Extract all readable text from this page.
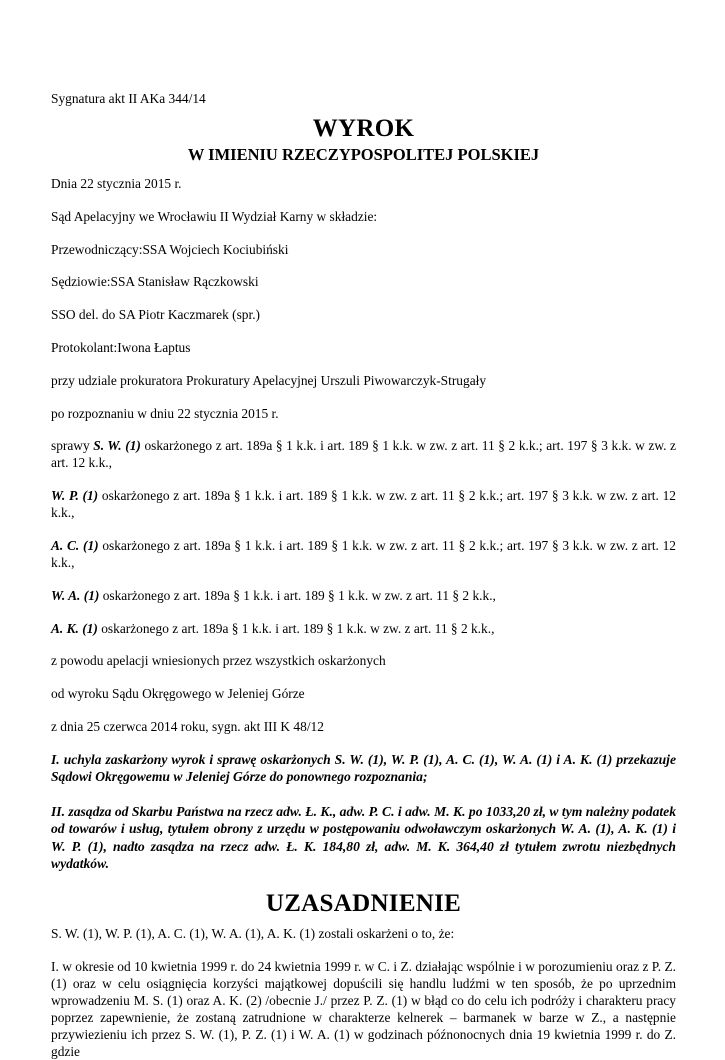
Sygnatura akt II AKa 344/14

WYROK
W IMIENIU RZECZYPOSPOLITEJ POLSKIEJ

Dnia 22 stycznia 2015 r.

Sąd Apelacyjny we Wrocławiu II Wydział Karny w składzie:

Przewodniczący:SSA Wojciech Kociubiński

Sędziowie:SSA Stanisław Rączkowski

SSO del. do SA Piotr Kaczmarek (spr.)

Protokolant:Iwona Łaptus

przy udziale prokuratora Prokuratury Apelacyjnej Urszuli Piwowarczyk-Strugały

po rozpoznaniu w dniu 22 stycznia 2015 r.

sprawy S. W. (1) oskarżonego z art. 189a § 1 k.k. i art. 189 § 1 k.k. w zw. z art. 11 § 2 k.k.; art. 197 § 3 k.k. w zw. z art. 12 k.k.,

W. P. (1) oskarżonego z art. 189a § 1 k.k. i art. 189 § 1 k.k. w zw. z art. 11 § 2 k.k.; art. 197 § 3 k.k. w zw. z art. 12 k.k.,

A. C. (1) oskarżonego z art. 189a § 1 k.k. i art. 189 § 1 k.k. w zw. z art. 11 § 2 k.k.; art. 197 § 3 k.k. w zw. z art. 12 k.k.,

W. A. (1) oskarżonego z art. 189a § 1 k.k. i art. 189 § 1 k.k. w zw. z art. 11 § 2 k.k.,

A. K. (1) oskarżonego z art. 189a § 1 k.k. i art. 189 § 1 k.k. w zw. z art. 11 § 2 k.k.,

z powodu apelacji wniesionych przez wszystkich oskarżonych

od wyroku Sądu Okręgowego w Jeleniej Górze

z dnia 25 czerwca 2014 roku, sygn. akt III K 48/12

I. uchyla zaskarżony wyrok i sprawę oskarżonych S. W. (1), W. P. (1), A. C. (1), W. A. (1) i A. K. (1) przekazuje Sądowi Okręgowemu w Jeleniej Górze do ponownego rozpoznania;

II. zasądza od Skarbu Państwa na rzecz adw. Ł. K., adw. P. C. i adw. M. K. po 1033,20 zł, w tym należny podatek od towarów i usług, tytułem obrony z urzędu w postępowaniu odwoławczym oskarżonych W. A. (1), A. K. (1) i W. P. (1), nadto zasądza na rzecz adw. Ł. K. 184,80 zł, adw. M. K. 364,40 zł tytułem zwrotu niezbędnych wydatków.

UZASADNIENIE

S. W. (1), W. P. (1), A. C. (1), W. A. (1), A. K. (1) zostali oskarżeni o to, że:

I. w okresie od 10 kwietnia 1999 r. do 24 kwietnia 1999 r. w C. i Z. działając wspólnie i w porozumieniu oraz z P. Z. (1) oraz w celu osiągnięcia korzyści majątkowej dopuścili się handlu ludźmi w ten sposób, że po uprzednim wprowadzeniu M. S. (1) oraz A. K. (2) /obecnie J./ przez P. Z. (1) w błąd co do celu ich podróży i charakteru pracy poprzez zapewnienie, że zostaną zatrudnione w charakterze kelnerek – barmanek w barze w Z., a następnie przywiezieniu ich przez S. W. (1), P. Z. (1) i W. A. (1) w godzinach późnonocnych dnia 19 kwietnia 1999 r. do Z. gdzie
